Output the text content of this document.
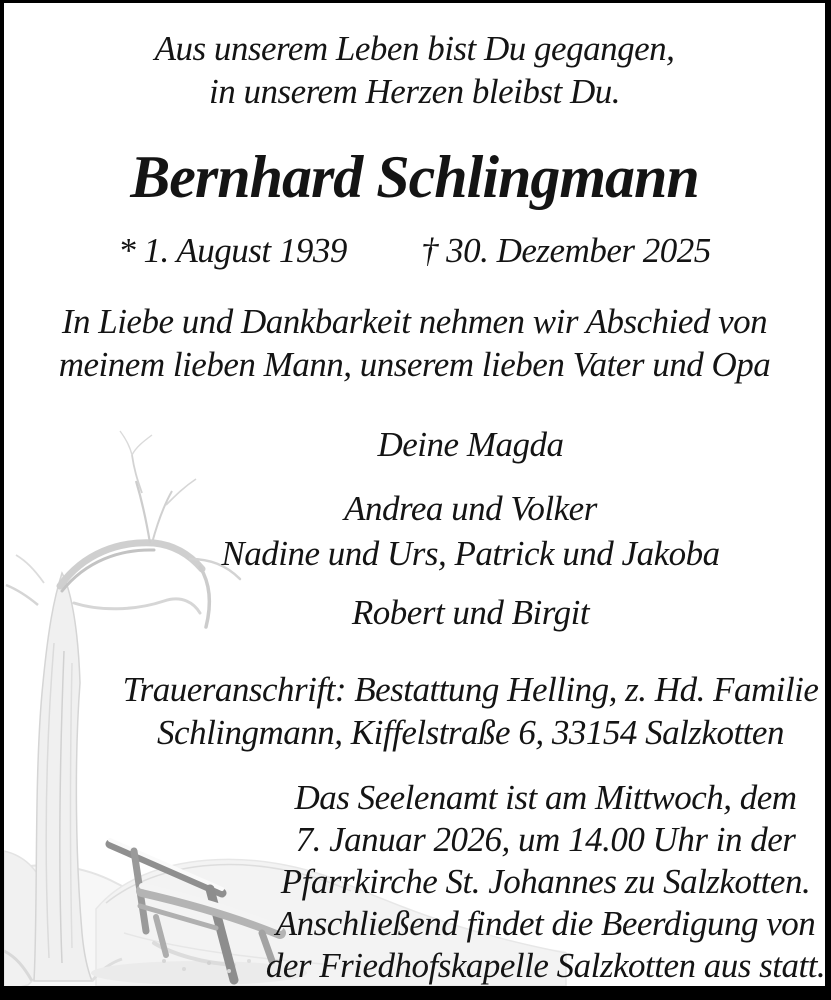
Aus unserem Leben bist Du gegangen,
in unserem Herzen bleibst Du.
Bernhard Schlingmann
* 1. August 1939 † 30. Dezember 2025
In Liebe und Dankbarkeit nehmen wir Abschied von
meinem lieben Mann, unserem lieben Vater und Opa
Deine Magda
Andrea und Volker
Nadine und Urs, Patrick und Jakoba
Robert und Birgit
Traueranschrift: Bestattung Helling, z. Hd. Familie
Schlingmann, Kiffelstraße 6, 33154 Salzkotten
Das Seelenamt ist am Mittwoch, dem
7. Januar 2026, um 14.00 Uhr in der
Pfarrkirche St. Johannes zu Salzkotten.
Anschließend findet die Beerdigung von
der Friedhofskapelle Salzkotten aus statt.
